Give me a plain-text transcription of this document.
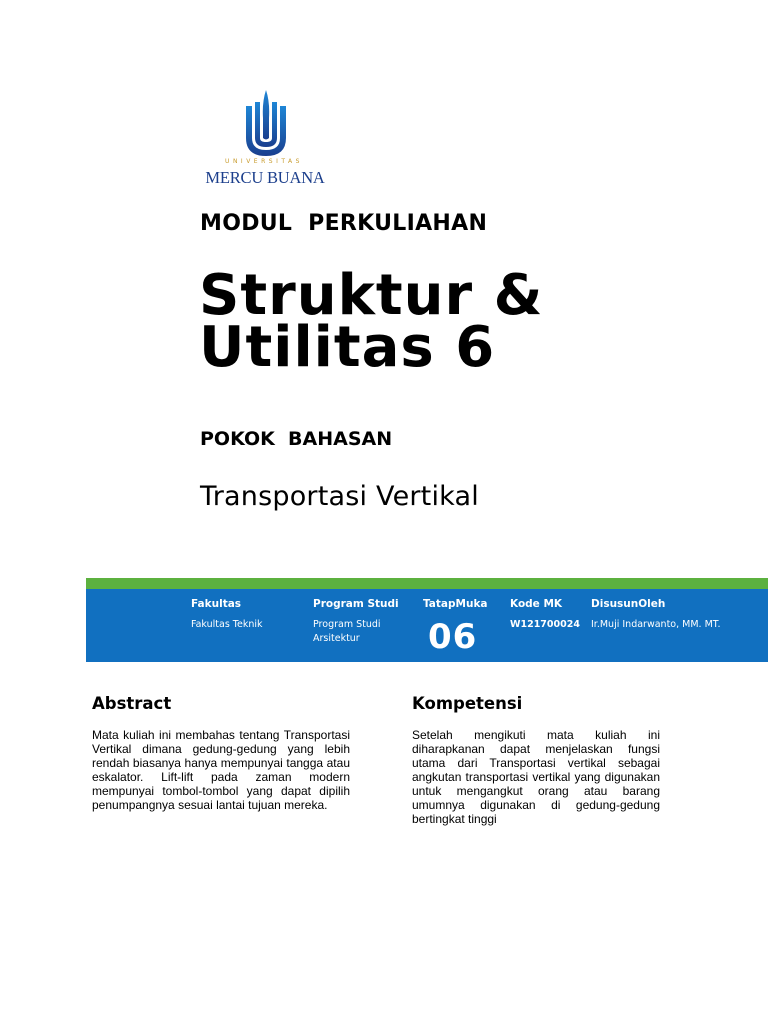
UNIVERSITAS
MERCU BUANA
MODUL  PERKULIAHAN
Struktur &
Utilitas 6
POKOK  BAHASAN
Transportasi Vertikal
Fakultas
Fakultas Teknik
Program Studi
Program Studi Arsitektur
TatapMuka
06
Kode MK
W121700024
DisusunOleh
Ir.Muji Indarwanto, MM. MT.
Abstract

Mata kuliah ini membahas tentang Transportasi Vertikal dimana gedung-gedung yang lebih rendah biasanya hanya mempunyai tangga atau eskalator. Lift-lift pada zaman modern mempunyai tombol-tombol yang dapat dipilih penumpangnya sesuai lantai tujuan mereka.

Kompetensi

Setelah mengikuti mata kuliah ini diharapkanan dapat menjelaskan fungsi utama dari Transportasi vertikal sebagai angkutan transportasi vertikal yang digunakan untuk mengangkut orang atau barang umumnya digunakan di gedung-gedung bertingkat tinggi
